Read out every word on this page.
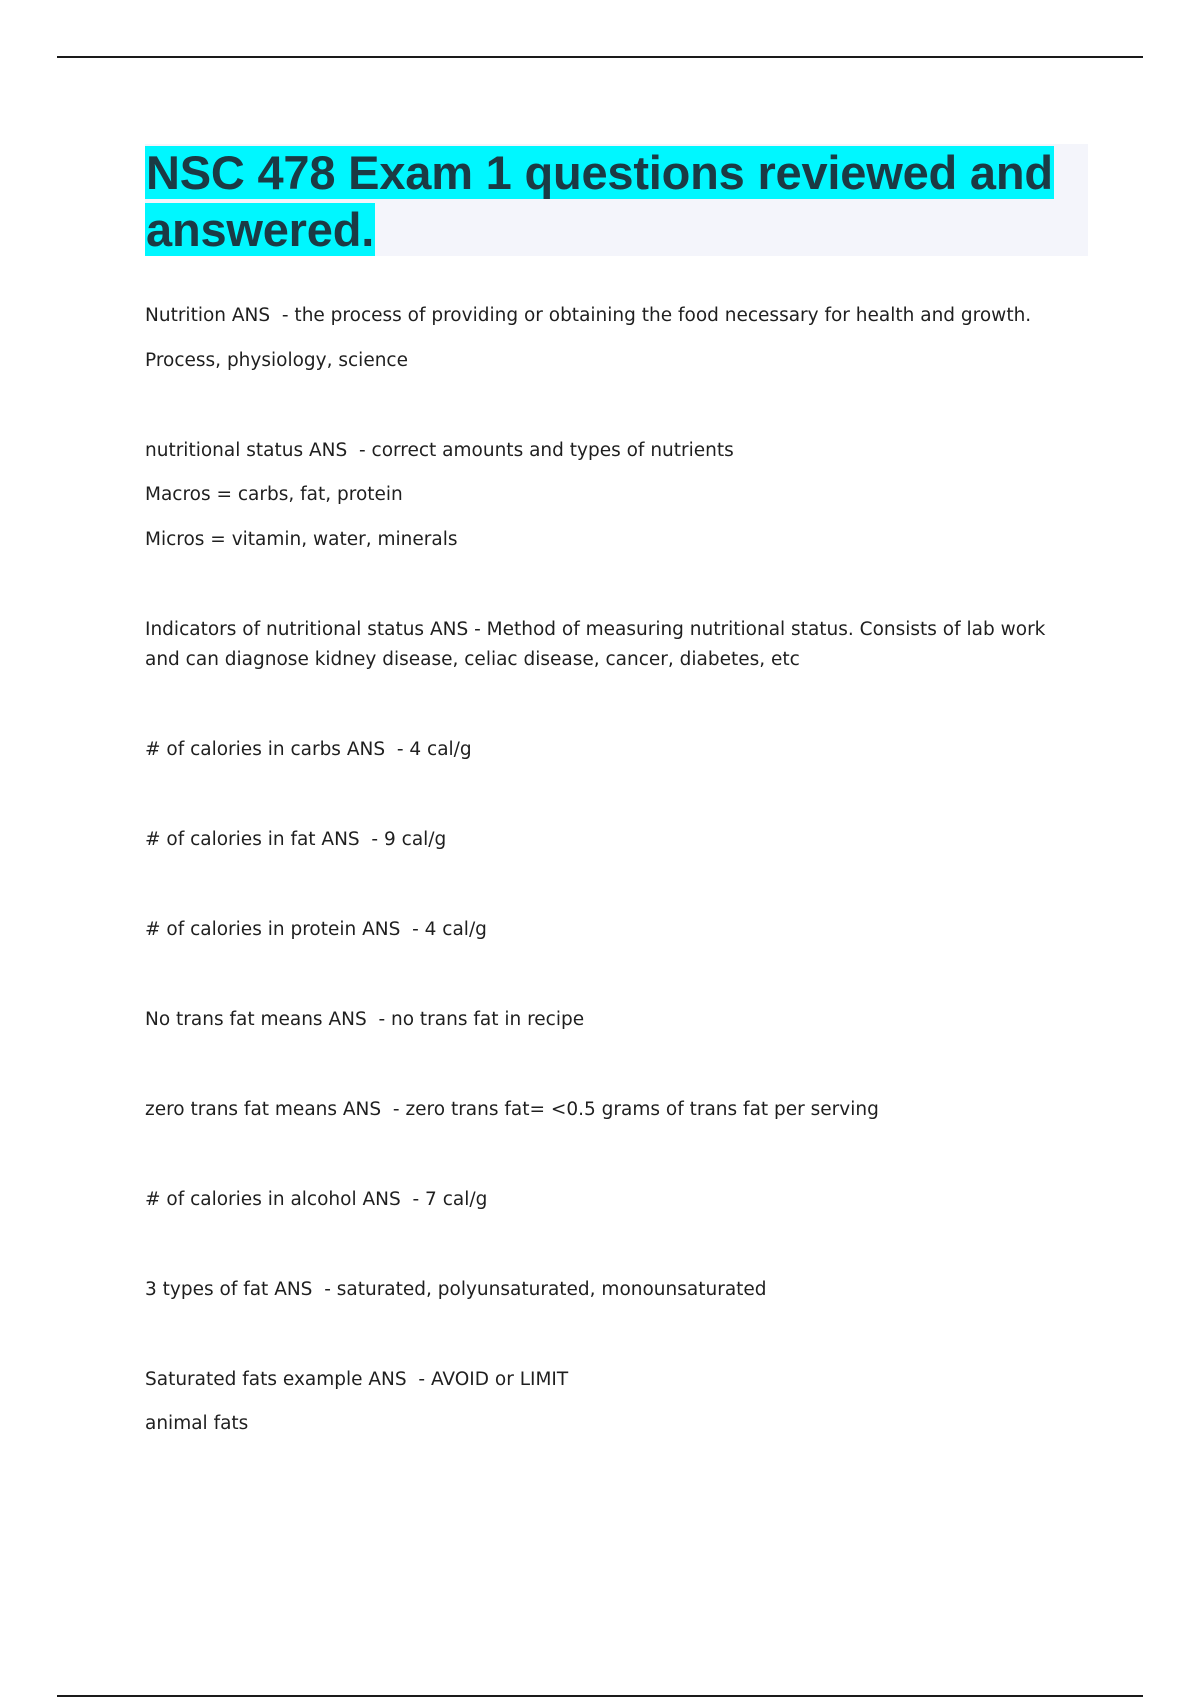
NSC 478 Exam 1 questions reviewed and answered.
Nutrition ANS  - the process of providing or obtaining the food necessary for health and growth.
Process, physiology, science
nutritional status ANS  - correct amounts and types of nutrients
Macros = carbs, fat, protein
Micros = vitamin, water, minerals
Indicators of nutritional status ANS - Method of measuring nutritional status. Consists of lab work and can diagnose kidney disease, celiac disease, cancer, diabetes, etc
# of calories in carbs ANS  - 4 cal/g
# of calories in fat ANS  - 9 cal/g
# of calories in protein ANS  - 4 cal/g
No trans fat means ANS  - no trans fat in recipe
zero trans fat means ANS  - zero trans fat= <0.5 grams of trans fat per serving
# of calories in alcohol ANS  - 7 cal/g
3 types of fat ANS  - saturated, polyunsaturated, monounsaturated
Saturated fats example ANS  - AVOID or LIMIT
animal fats
